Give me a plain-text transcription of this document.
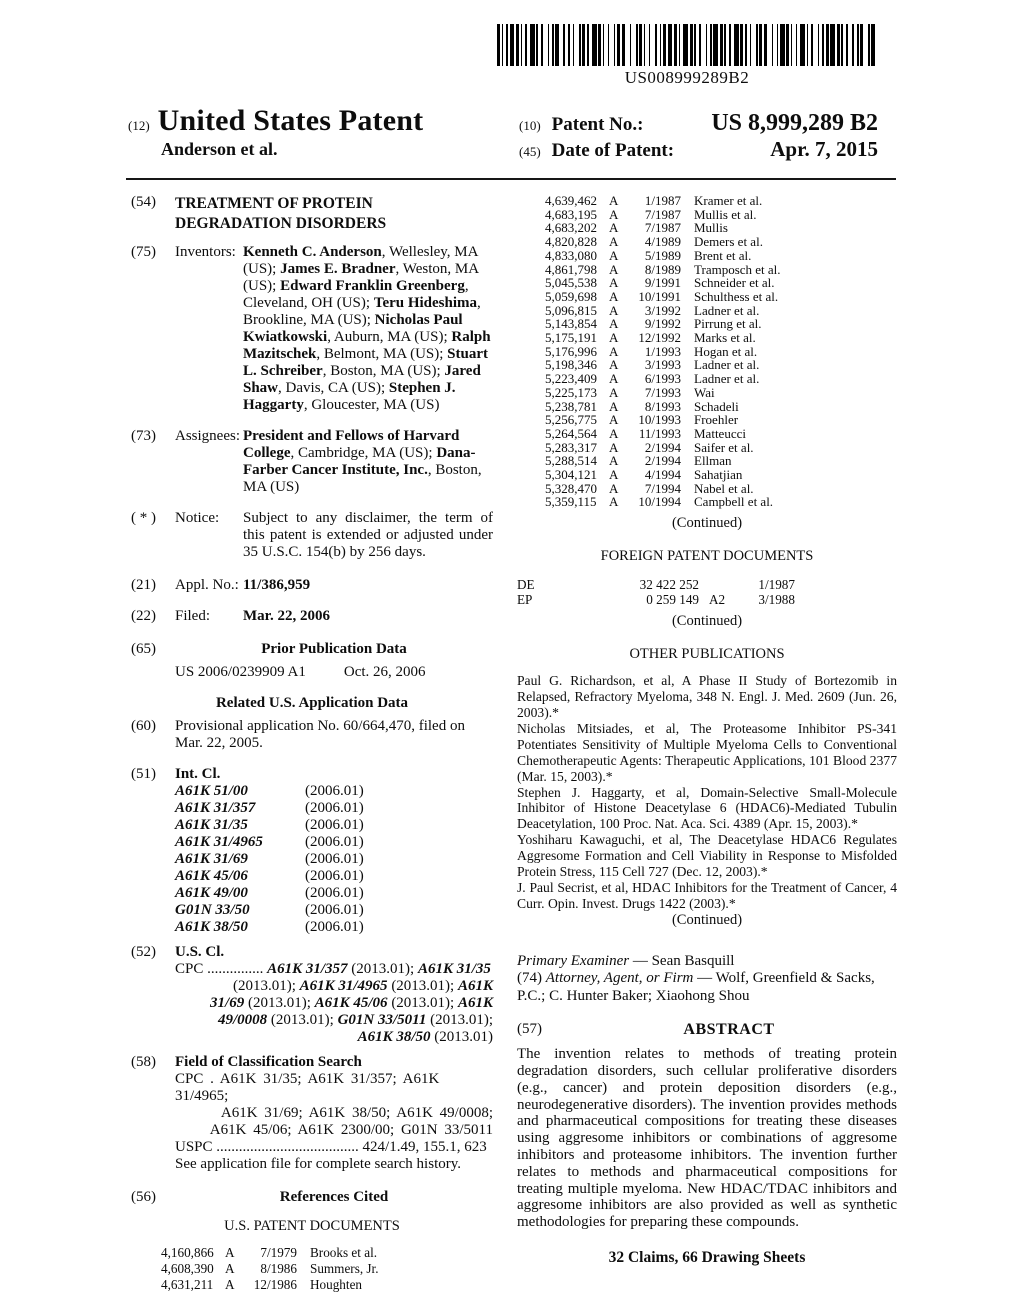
US008999289B2
(12) United States Patent
Anderson et al.
(10) Patent No.:	US 8,999,289 B2
(45) Date of Patent:	Apr. 7, 2015
(54)	TREATMENT OF PROTEIN DEGRADATION DISORDERS
(75)	Inventors: Kenneth C. Anderson, Wellesley, MA (US); James E. Bradner, Weston, MA (US); Edward Franklin Greenberg, Cleveland, OH (US); Teru Hideshima, Brookline, MA (US); Nicholas Paul Kwiatkowski, Auburn, MA (US); Ralph Mazitschek, Belmont, MA (US); Stuart L. Schreiber, Boston, MA (US); Jared Shaw, Davis, CA (US); Stephen J. Haggarty, Gloucester, MA (US)
(73)	Assignees: President and Fellows of Harvard College, Cambridge, MA (US); Dana-Farber Cancer Institute, Inc., Boston, MA (US)
( * )	Notice:	Subject to any disclaimer, the term of this patent is extended or adjusted under 35 U.S.C. 154(b) by 256 days.
(21)	Appl. No.: 11/386,959
(22)	Filed:	Mar. 22, 2006
(65)	Prior Publication Data
US 2006/0239909 A1	Oct. 26, 2006
Related U.S. Application Data
(60)	Provisional application No. 60/664,470, filed on Mar. 22, 2005.
(51)	Int. Cl.
A61K 51/00	(2006.01)
A61K 31/357	(2006.01)
A61K 31/35	(2006.01)
A61K 31/4965	(2006.01)
A61K 31/69	(2006.01)
A61K 45/06	(2006.01)
A61K 49/00	(2006.01)
G01N 33/50	(2006.01)
A61K 38/50	(2006.01)
(52)	U.S. Cl.
CPC ............... A61K 31/357 (2013.01); A61K 31/35
(2013.01); A61K 31/4965 (2013.01); A61K
31/69 (2013.01); A61K 45/06 (2013.01); A61K
49/0008 (2013.01); G01N 33/5011 (2013.01);
A61K 38/50 (2013.01)
(58)	Field of Classification Search
CPC . A61K 31/35; A61K 31/357; A61K 31/4965;
A61K 31/69; A61K 38/50; A61K 49/0008;
A61K 45/06; A61K 2300/00; G01N 33/5011
USPC ...................................... 424/1.49, 155.1, 623
See application file for complete search history.
(56)	References Cited
U.S. PATENT DOCUMENTS
4,160,866 A	7/1979 Brooks et al.
4,608,390 A	8/1986 Summers, Jr.
4,631,211 A	12/1986 Houghten
4,639,462 A	1/1987	Kramer et al.
4,683,195 A	7/1987	Mullis et al.
4,683,202 A	7/1987	Mullis
4,820,828 A	4/1989	Demers et al.
4,833,080 A	5/1989	Brent et al.
4,861,798 A	8/1989	Tramposch et al.
5,045,538 A	9/1991	Schneider et al.
5,059,698 A	10/1991	Schulthess et al.
5,096,815 A	3/1992	Ladner et al.
5,143,854 A	9/1992	Pirrung et al.
5,175,191 A	12/1992	Marks et al.
5,176,996 A	1/1993	Hogan et al.
5,198,346 A	3/1993	Ladner et al.
5,223,409 A	6/1993	Ladner et al.
5,225,173 A	7/1993	Wai
5,238,781 A	8/1993	Schadeli
5,256,775 A	10/1993	Froehler
5,264,564 A	11/1993	Matteucci
5,283,317 A	2/1994	Saifer et al.
5,288,514 A	2/1994	Ellman
5,304,121 A	4/1994	Sahatjian
5,328,470 A	7/1994	Nabel et al.
5,359,115 A	10/1994	Campbell et al.
(Continued)
FOREIGN PATENT DOCUMENTS
DE	32 422 252	1/1987
EP	0 259 149 A2	3/1988
(Continued)
OTHER PUBLICATIONS
Paul G. Richardson, et al, A Phase II Study of Bortezomib in Relapsed, Refractory Myeloma, 348 N. Engl. J. Med. 2609 (Jun. 26, 2003).*
Nicholas Mitsiades, et al, The Proteasome Inhibitor PS-341 Potentiates Sensitivity of Multiple Myeloma Cells to Conventional Chemotherapeutic Agents: Therapeutic Applications, 101 Blood 2377 (Mar. 15, 2003).*
Stephen J. Haggarty, et al, Domain-Selective Small-Molecule Inhibitor of Histone Deacetylase 6 (HDAC6)-Mediated Tubulin Deacetylation, 100 Proc. Nat. Aca. Sci. 4389 (Apr. 15, 2003).*
Yoshiharu Kawaguchi, et al, The Deacetylase HDAC6 Regulates Aggresome Formation and Cell Viability in Response to Misfolded Protein Stress, 115 Cell 727 (Dec. 12, 2003).*
J. Paul Secrist, et al, HDAC Inhibitors for the Treatment of Cancer, 4 Curr. Opin. Invest. Drugs 1422 (2003).*
(Continued)
Primary Examiner — Sean Basquill
(74) Attorney, Agent, or Firm — Wolf, Greenfield & Sacks, P.C.; C. Hunter Baker; Xiaohong Shou
(57)	ABSTRACT
The invention relates to methods of treating protein degradation disorders, such cellular proliferative disorders (e.g., cancer) and protein deposition disorders (e.g., neurodegenerative disorders). The invention provides methods and pharmaceutical compositions for treating these diseases using aggresome inhibitors or combinations of aggresome inhibitors and proteasome inhibitors. The invention further relates to methods and pharmaceutical compositions for treating multiple myeloma. New HDAC/TDAC inhibitors and aggresome inhibitors are also provided as well as synthetic methodologies for preparing these compounds.
32 Claims, 66 Drawing Sheets
